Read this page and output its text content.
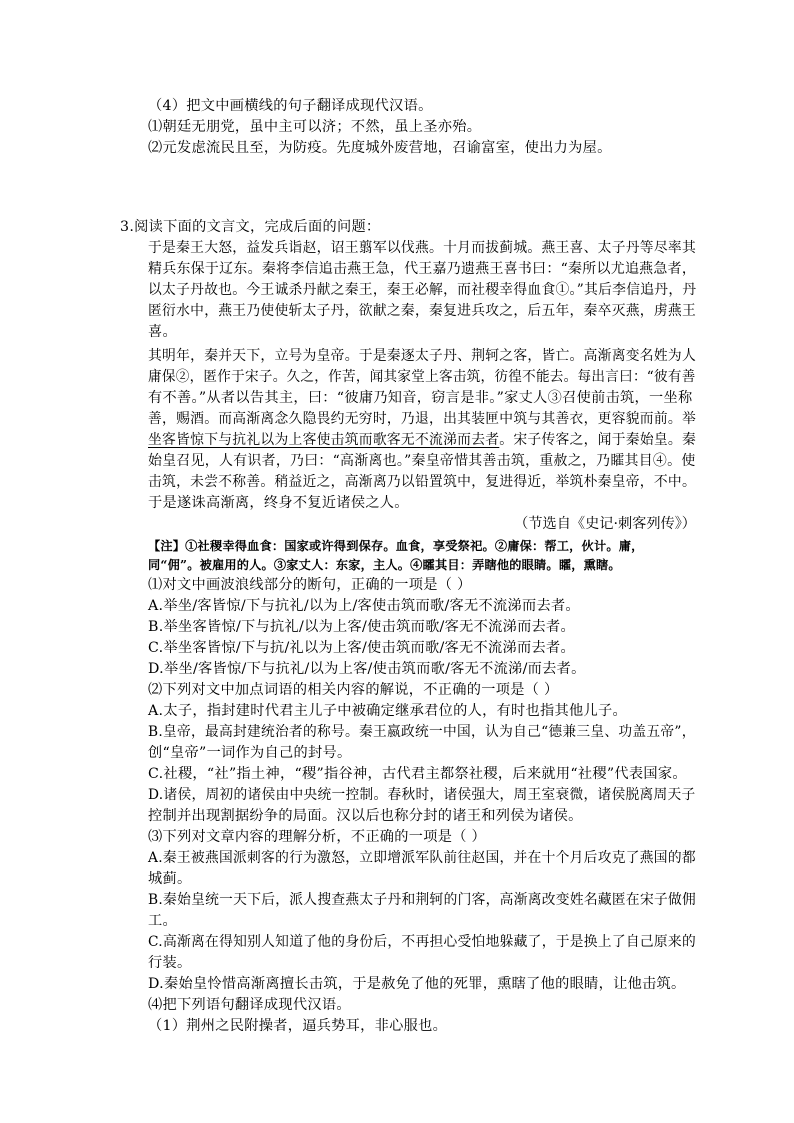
（4）把文中画横线的句子翻译成现代汉语。
⑴朝廷无朋党，虽中主可以济；不然，虽上圣亦殆。
⑵元发虑流民且至，为防疫。先度城外废营地，召谕富室，使出力为屋。
3.阅读下面的文言文，完成后面的问题：
于是秦王大怒，益发兵诣赵，诏王翦军以伐燕。十月而拔蓟城。燕王喜、太子丹等尽率其
精兵东保于辽东。秦将李信追击燕王急，代王嘉乃遗燕王喜书曰：“秦所以尤追燕急者，
以太子丹故也。今王诚杀丹献之秦王，秦王必解，而社稷幸得血食①。”其后李信追丹，丹
匿衍水中，燕王乃使使斩太子丹，欲献之秦，秦复进兵攻之，后五年，秦卒灭燕，虏燕王
喜。
其明年，秦并天下，立号为皇帝。于是秦逐太子丹、荆轲之客，皆亡。高渐离变名姓为人
庸保②，匿作于宋子。久之，作苦，闻其家堂上客击筑，彷徨不能去。每出言曰：“彼有善
有不善。”从者以告其主，曰：“彼庸乃知音，窃言是非。”家丈人③召使前击筑，一坐称
善，赐酒。而高渐离念久隐畏约无穷时，乃退，出其装匣中筑与其善衣，更容貌而前。举
坐客皆惊下与抗礼以为上客使击筑而歌客无不流涕而去者。宋子传客之，闻于秦始皇。秦
始皇召见，人有识者，乃曰：“高渐离也。”秦皇帝惜其善击筑，重赦之，乃矐其目④。使
击筑，未尝不称善。稍益近之，高渐离乃以铅置筑中，复进得近，举筑朴秦皇帝，不中。
于是遂诛高渐离，终身不复近诸侯之人。
（节选自《史记·刺客列传》）
【注】①社稷幸得血食：国家或许得到保存。血食，享受祭祀。②庸保：帮工，伙计。庸，
同“佣”。被雇用的人。③家丈人：东家，主人。④矐其目：弄瞎他的眼睛。矐，熏瞎。
⑴对文中画波浪线部分的断句，正确的一项是（ ）
A.举坐/客皆惊/下与抗礼/以为上/客使击筑而歌/客无不流涕而去者。
B.举坐客皆惊/下与抗礼/以为上客/使击筑而歌/客无不流涕而去者。
C.举坐客皆惊/下与抗/礼以为上客/使击筑而歌/客无不流涕而去者。
D.举坐/客皆惊/下与抗礼/以为上客/使击筑而歌/客无不流涕/而去者。
⑵下列对文中加点词语的相关内容的解说，不正确的一项是（ ）
A.太子，指封建时代君主儿子中被确定继承君位的人，有时也指其他儿子。
B.皇帝，最高封建统治者的称号。秦王嬴政统一中国，认为自己“德兼三皇、功盖五帝”，
创“皇帝”一词作为自己的封号。
C.社稷，“社”指土神，“稷”指谷神，古代君主都祭社稷，后来就用“社稷”代表国家。
D.诸侯，周初的诸侯由中央统一控制。春秋时，诸侯强大，周王室衰微，诸侯脱离周天子
控制并出现割据纷争的局面。汉以后也称分封的诸王和列侯为诸侯。
⑶下列对文章内容的理解分析，不正确的一项是（ ）
A.秦王被燕国派刺客的行为激怒，立即增派军队前往赵国，并在十个月后攻克了燕国的都
城蓟。
B.秦始皇统一天下后，派人搜查燕太子丹和荆轲的门客，高渐离改变姓名藏匿在宋子做佣
工。
C.高渐离在得知别人知道了他的身份后，不再担心受怕地躲藏了，于是换上了自己原来的
行装。
D.秦始皇怜惜高渐离擅长击筑，于是赦免了他的死罪，熏瞎了他的眼睛，让他击筑。
⑷把下列语句翻译成现代汉语。
（1）荆州之民附操者，逼兵势耳，非心服也。
